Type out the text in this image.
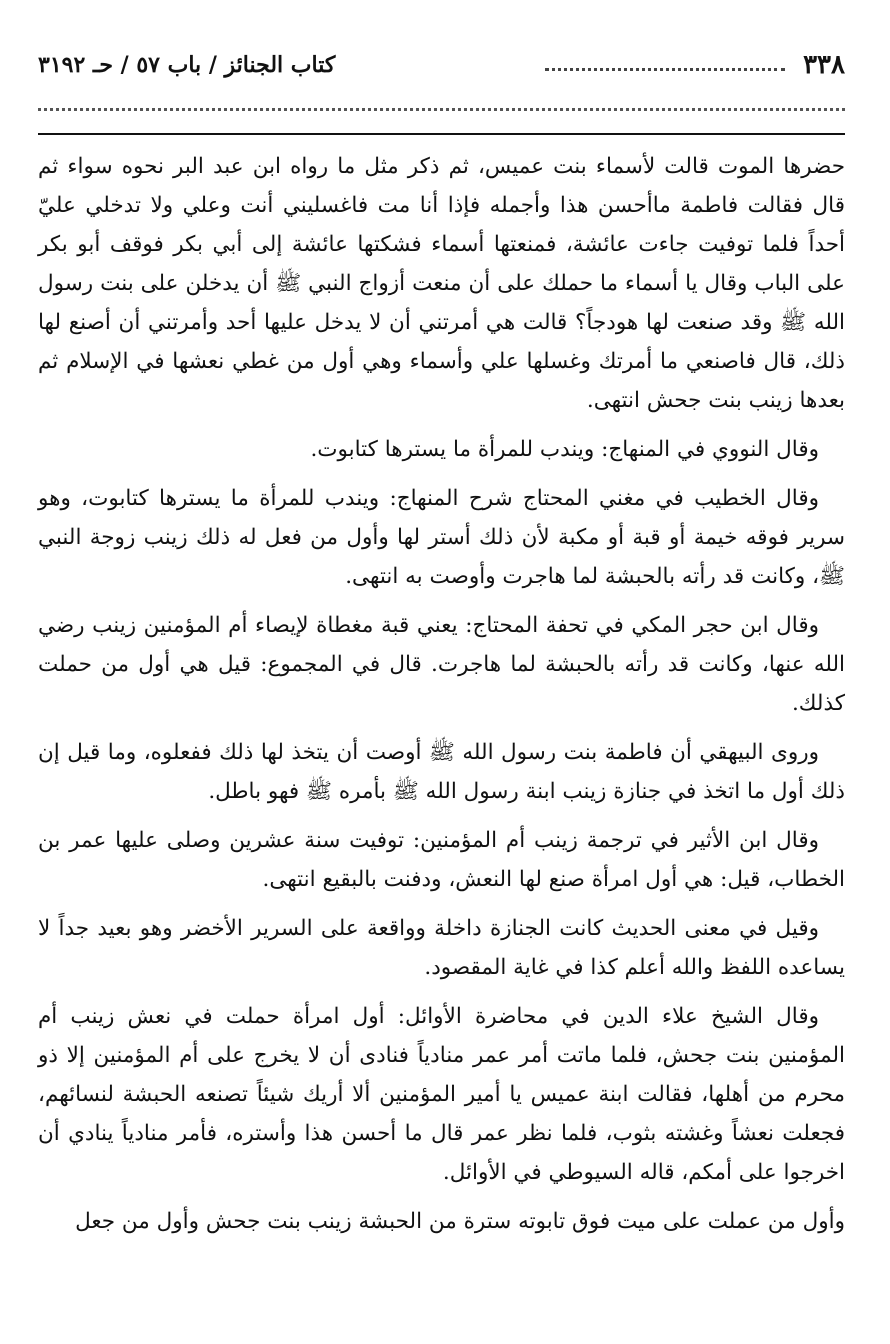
٣٣٨
كتاب الجنائز / باب ٥٧ / حـ ٣١٩٢

حضرها الموت قالت لأسماء بنت عميس، ثم ذكر مثل ما رواه ابن عبد البر نحوه سواء ثم قال فقالت فاطمة ماأحسن هذا وأجمله فإذا أنا مت فاغسليني أنت وعلي ولا تدخلي عليّ أحداً فلما توفيت جاءت عائشة، فمنعتها أسماء فشكتها عائشة إلى أبي بكر فوقف أبو بكر على الباب وقال يا أسماء ما حملك على أن منعت أزواج النبي ﷺ أن يدخلن على بنت رسول الله ﷺ وقد صنعت لها هودجاً؟ قالت هي أمرتني أن لا يدخل عليها أحد وأمرتني أن أصنع لها ذلك، قال فاصنعي ما أمرتك وغسلها علي وأسماء وهي أول من غطي نعشها في الإسلام ثم بعدها زينب بنت جحش انتهى.

وقال النووي في المنهاج: ويندب للمرأة ما يسترها كتابوت.

وقال الخطيب في مغني المحتاج شرح المنهاج: ويندب للمرأة ما يسترها كتابوت، وهو سرير فوقه خيمة أو قبة أو مكبة لأن ذلك أستر لها وأول من فعل له ذلك زينب زوجة النبي ﷺ، وكانت قد رأته بالحبشة لما هاجرت وأوصت به انتهى.

وقال ابن حجر المكي في تحفة المحتاج: يعني قبة مغطاة لإيصاء أم المؤمنين زينب رضي الله عنها، وكانت قد رأته بالحبشة لما هاجرت. قال في المجموع: قيل هي أول من حملت كذلك.

وروى البيهقي أن فاطمة بنت رسول الله ﷺ أوصت أن يتخذ لها ذلك ففعلوه، وما قيل إن ذلك أول ما اتخذ في جنازة زينب ابنة رسول الله ﷺ بأمره ﷺ فهو باطل.

وقال ابن الأثير في ترجمة زينب أم المؤمنين: توفيت سنة عشرين وصلى عليها عمر بن الخطاب، قيل: هي أول امرأة صنع لها النعش، ودفنت بالبقيع انتهى.

وقيل في معنى الحديث كانت الجنازة داخلة وواقعة على السرير الأخضر وهو بعيد جداً لا يساعده اللفظ والله أعلم كذا في غاية المقصود.

وقال الشيخ علاء الدين في محاضرة الأوائل: أول امرأة حملت في نعش زينب أم المؤمنين بنت جحش، فلما ماتت أمر عمر منادياً فنادى أن لا يخرج على أم المؤمنين إلا ذو محرم من أهلها، فقالت ابنة عميس يا أمير المؤمنين ألا أريك شيئاً تصنعه الحبشة لنسائهم، فجعلت نعشاً وغشته بثوب، فلما نظر عمر قال ما أحسن هذا وأستره، فأمر منادياً ينادي أن اخرجوا على أمكم، قاله السيوطي في الأوائل.

وأول من عملت على ميت فوق تابوته سترة من الحبشة زينب بنت جحش وأول من جعل
